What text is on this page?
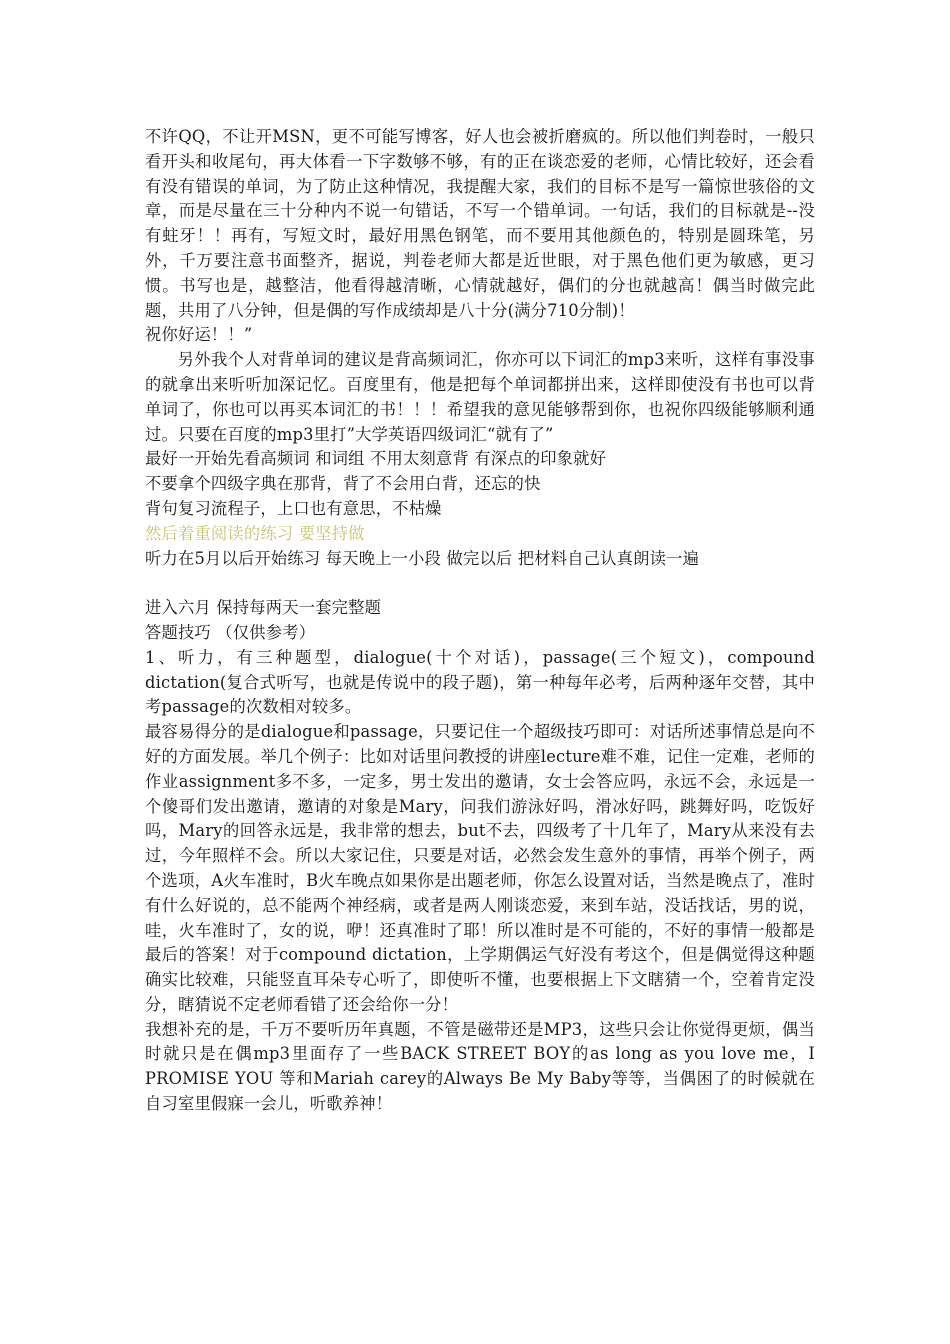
不许QQ，不让开MSN，更不可能写博客，好人也会被折磨疯的。所以他们判卷时，一般只看开头和收尾句，再大体看一下字数够不够，有的正在谈恋爱的老师，心情比较好，还会看有没有错误的单词，为了防止这种情况，我提醒大家，我们的目标不是写一篇惊世骇俗的文章，而是尽量在三十分种内不说一句错话，不写一个错单词。一句话，我们的目标就是--没有蛀牙！！再有，写短文时，最好用黑色钢笔，而不要用其他颜色的，特别是圆珠笔，另外，千万要注意书面整齐，据说，判卷老师大都是近世眼，对于黑色他们更为敏感，更习惯。书写也是，越整洁，他看得越清晰，心情就越好，偶们的分也就越高！偶当时做完此题，共用了八分钟，但是偶的写作成绩却是八十分(满分710分制)！

祝你好运！！”

另外我个人对背单词的建议是背高频词汇，你亦可以下词汇的mp3来听，这样有事没事的就拿出来听听加深记忆。百度里有，他是把每个单词都拼出来，这样即使没有书也可以背单词了，你也可以再买本词汇的书！！！希望我的意见能够帮到你，也祝你四级能够顺利通过。只要在百度的mp3里打”大学英语四级词汇“就有了”

最好一开始先看高频词 和词组 不用太刻意背 有深点的印象就好

不要拿个四级字典在那背，背了不会用白背，还忘的快

背句复习流程子，上口也有意思，不枯燥

然后着重阅读的练习 要坚持做

听力在5月以后开始练习 每天晚上一小段 做完以后 把材料自己认真朗读一遍

进入六月 保持每两天一套完整题

答题技巧 （仅供参考）

1、听力，有三种题型，dialogue(十个对话)，passage(三个短文)，compound dictation(复合式听写，也就是传说中的段子题)，第一种每年必考，后两种逐年交替，其中考passage的次数相对较多。

最容易得分的是dialogue和passage，只要记住一个超级技巧即可：对话所述事情总是向不好的方面发展。举几个例子：比如对话里问教授的讲座lecture难不难，记住一定难，老师的作业assignment多不多，一定多，男士发出的邀请，女士会答应吗，永远不会，永远是一个傻哥们发出邀请，邀请的对象是Mary，问我们游泳好吗，滑冰好吗，跳舞好吗，吃饭好吗，Mary的回答永远是，我非常的想去，but不去，四级考了十几年了，Mary从来没有去过，今年照样不会。所以大家记住，只要是对话，必然会发生意外的事情，再举个例子，两个选项，A火车准时，B火车晚点如果你是出题老师，你怎么设置对话，当然是晚点了，准时有什么好说的，总不能两个神经病，或者是两人刚谈恋爱，来到车站，没话找话，男的说，哇，火车准时了，女的说，咿！还真准时了耶！所以准时是不可能的，不好的事情一般都是最后的答案！对于compound dictation，上学期偶运气好没有考这个，但是偶觉得这种题确实比较难，只能竖直耳朵专心听了，即使听不懂，也要根据上下文瞎猜一个，空着肯定没分，瞎猜说不定老师看错了还会给你一分！

我想补充的是，千万不要听历年真题，不管是磁带还是MP3，这些只会让你觉得更烦，偶当时就只是在偶mp3里面存了一些BACK STREET BOY的as long as you love me，I PROMISE YOU 等和Mariah carey的Always Be My Baby等等，当偶困了的时候就在自习室里假寐一会儿，听歌养神！
